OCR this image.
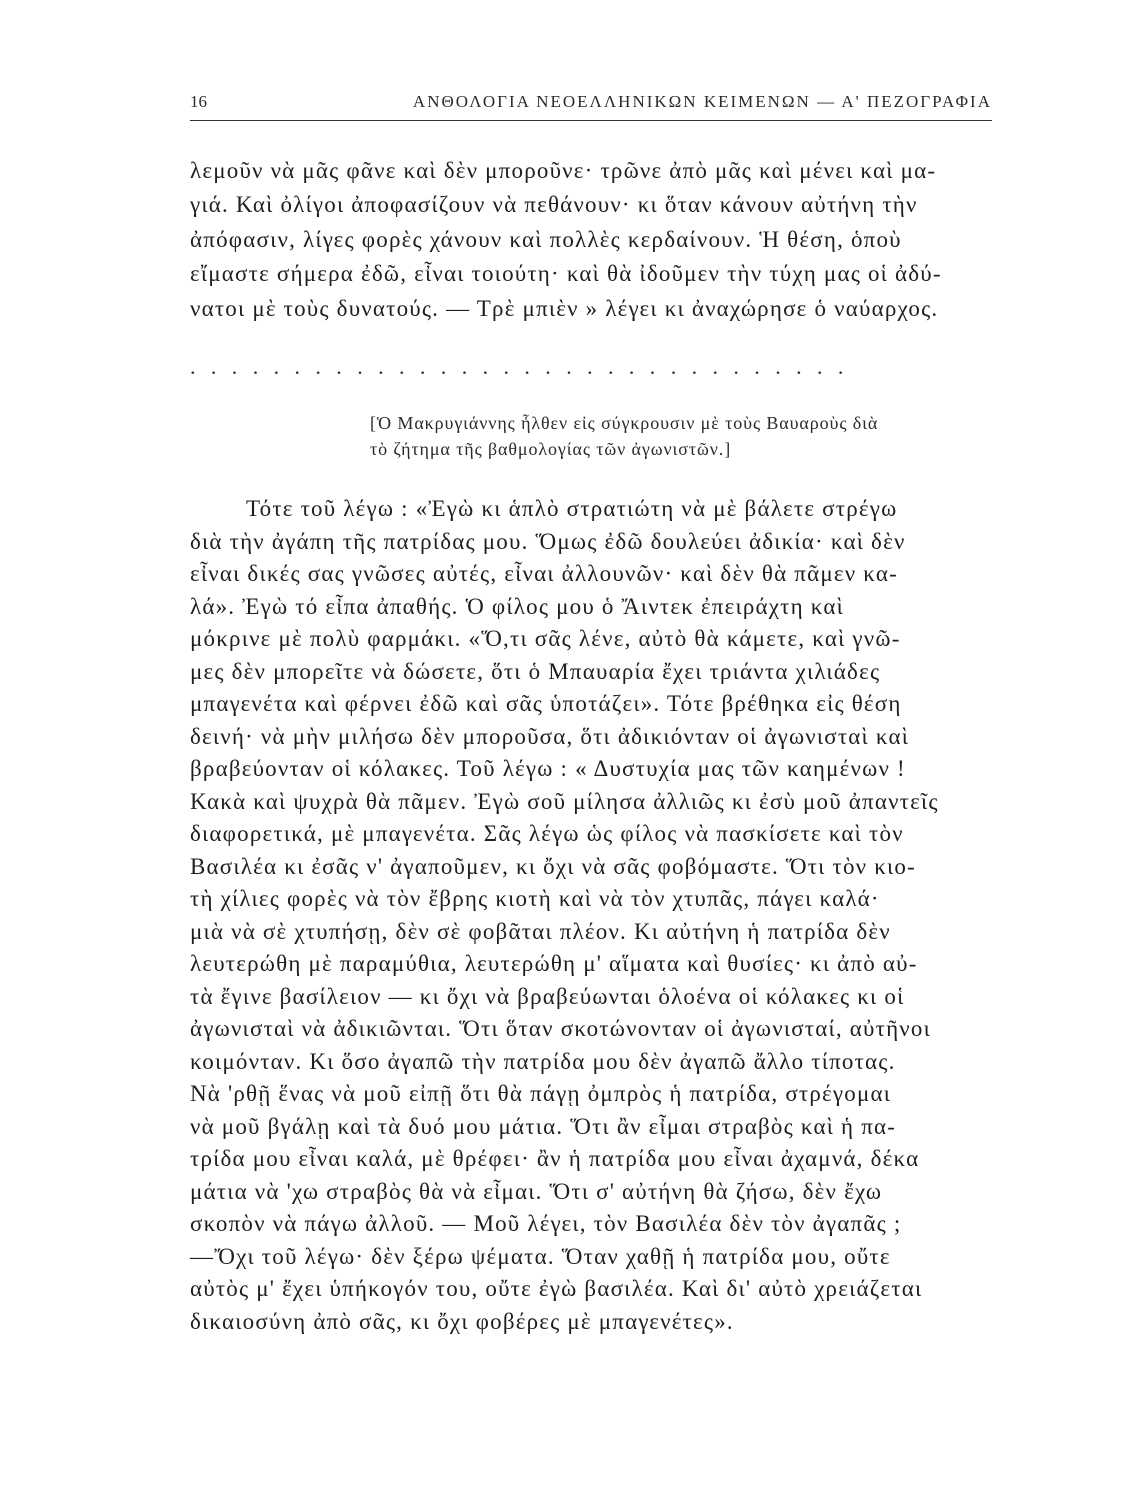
16	ΑΝΘΟΛΟΓΙΑ ΝΕΟΕΛΛΗΝΙΚΩΝ ΚΕΙΜΕΝΩΝ — Α' ΠΕΖΟΓΡΑΦΙΑ
λεμοῦν νὰ μᾶς φᾶνε καὶ δὲν μποροῦνε· τρῶνε ἀπὸ μᾶς καὶ μένει καὶ μα-
γιά. Καὶ ὀλίγοι ἀποφασίζουν νὰ πεθάνουν· κι ὅταν κάνουν αὐτήνη τὴν
ἀπόφασιν, λίγες φορὲς χάνουν καὶ πολλὲς κερδαίνουν. Ἡ θέση, ὁποὺ
εἴμαστε σήμερα ἐδῶ, εἶναι τοιούτη· καὶ θὰ ἰδοῦμεν τὴν τύχη μας οἱ ἀδύ-
νατοι μὲ τοὺς δυνατούς. — Τρὲ μπιὲν » λέγει κι ἀναχώρησε ὁ ναύαρχος.
................................
[Ὁ Μακρυγιάννης ἦλθεν εἰς σύγκρουσιν μὲ τοὺς Βαυαροὺς διὰ
τὸ ζήτημα τῆς βαθμολογίας τῶν ἀγωνιστῶν.]
Τότε τοῦ λέγω : «Ἐγὼ κι ἁπλὸ στρατιώτη νὰ μὲ βάλετε στρέγω
διὰ τὴν ἀγάπη τῆς πατρίδας μου. Ὅμως ἐδῶ δουλεύει ἀδικία· καὶ δὲν
εἶναι δικές σας γνῶσες αὐτές, εἶναι ἀλλουνῶν· καὶ δὲν θὰ πᾶμεν κα-
λά». Ἐγὼ τό εἶπα ἀπαθής. Ὁ φίλος μου ὁ Ἄιντεκ ἐπειράχτη καὶ
μόκρινε μὲ πολὺ φαρμάκι. «Ὅ,τι σᾶς λένε, αὐτὸ θὰ κάμετε, καὶ γνῶ-
μες δὲν μπορεῖτε νὰ δώσετε, ὅτι ὁ Μπαυαρία ἔχει τριάντα χιλιάδες
μπαγενέτα καὶ φέρνει ἐδῶ καὶ σᾶς ὑποτάζει». Τότε βρέθηκα εἰς θέση
δεινή· νὰ μὴν μιλήσω δὲν μποροῦσα, ὅτι ἀδικιόνταν οἱ ἀγωνισταὶ καὶ
βραβεύονταν οἱ κόλακες. Τοῦ λέγω : « Δυστυχία μας τῶν καημένων !
Κακὰ καὶ ψυχρὰ θὰ πᾶμεν. Ἐγὼ σοῦ μίλησα ἀλλιῶς κι ἐσὺ μοῦ ἀπαντεῖς
διαφορετικά, μὲ μπαγενέτα. Σᾶς λέγω ὡς φίλος νὰ πασκίσετε καὶ τὸν
Βασιλέα κι ἐσᾶς ν' ἀγαποῦμεν, κι ὄχι νὰ σᾶς φοβόμαστε. Ὅτι τὸν κιο-
τὴ χίλιες φορὲς νὰ τὸν ἔβρης κιοτὴ καὶ νὰ τὸν χτυπᾶς, πάγει καλά·
μιὰ νὰ σὲ χτυπήσῃ, δὲν σὲ φοβᾶται πλέον. Κι αὐτήνη ἡ πατρίδα δὲν
λευτερώθη μὲ παραμύθια, λευτερώθη μ' αἵματα καὶ θυσίες· κι ἀπὸ αὐ-
τὰ ἔγινε βασίλειον — κι ὄχι νὰ βραβεύωνται ὁλοένα οἱ κόλακες κι οἱ
ἀγωνισταὶ νὰ ἀδικιῶνται. Ὅτι ὅταν σκοτώνονταν οἱ ἀγωνισταί, αὐτῆνοι
κοιμόνταν. Κι ὅσο ἀγαπῶ τὴν πατρίδα μου δὲν ἀγαπῶ ἄλλο τίποτας.
Νὰ 'ρθῇ ἕνας νὰ μοῦ εἰπῇ ὅτι θὰ πάγῃ ὀμπρὸς ἡ πατρίδα, στρέγομαι
νὰ μοῦ βγάλῃ καὶ τὰ δυό μου μάτια. Ὅτι ἂν εἶμαι στραβὸς καὶ ἡ πα-
τρίδα μου εἶναι καλά, μὲ θρέφει· ἂν ἡ πατρίδα μου εἶναι ἀχαμνά, δέκα
μάτια νὰ 'χω στραβὸς θὰ νὰ εἶμαι. Ὅτι σ' αὐτήνη θὰ ζήσω, δὲν ἔχω
σκοπὸν νὰ πάγω ἀλλοῦ. — Μοῦ λέγει, τὸν Βασιλέα δὲν τὸν ἀγαπᾶς ;
—Ὄχι τοῦ λέγω· δὲν ξέρω ψέματα. Ὅταν χαθῇ ἡ πατρίδα μου, οὔτε
αὐτὸς μ' ἔχει ὑπήκογόν του, οὔτε ἐγὼ βασιλέα. Καὶ δι' αὐτὸ χρειάζεται
δικαιοσύνη ἀπὸ σᾶς, κι ὄχι φοβέρες μὲ μπαγενέτες».
